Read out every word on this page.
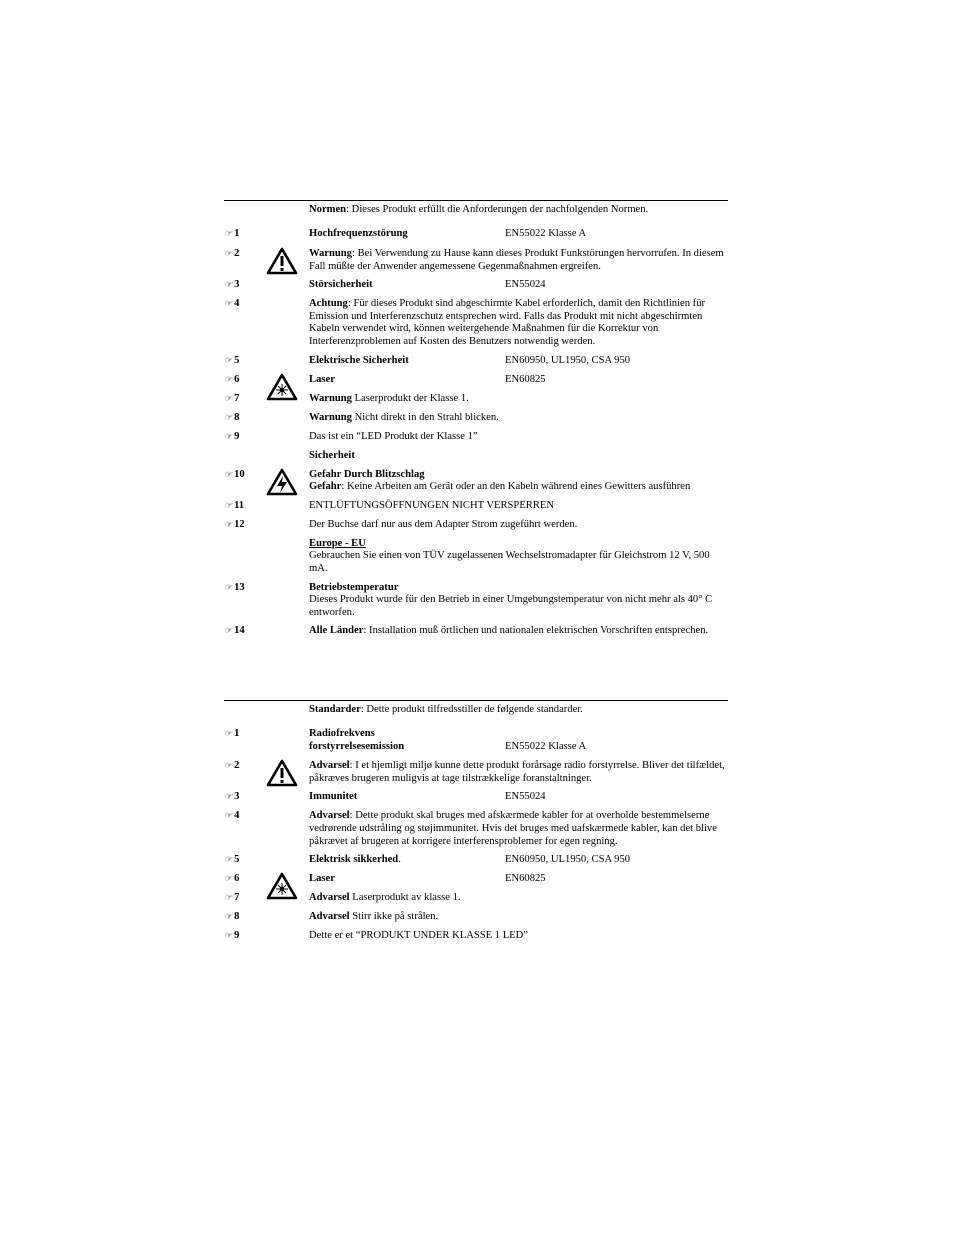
Normen: Dieses Produkt erfüllt die Anforderungen der nachfolgenden Normen.
☞ 1	Hochfrequenzstörung	EN55022 Klasse A
☞ 2	Warnung: Bei Verwendung zu Hause kann dieses Produkt Funkstörungen hervorrufen. In diesem Fall müßte der Anwender angemessene Gegenmaßnahmen ergreifen.
☞ 3	Störsicherheit	EN55024
☞ 4	Achtung: Für dieses Produkt sind abgeschirmte Kabel erforderlich, damit den Richtlinien für Emission und Interferenzschutz entsprechen wird. Falls das Produkt mit nicht abgeschirmten Kabeln verwendet wird, können weitergehende Maßnahmen für die Korrektur von Interferenzproblemen auf Kosten des Benutzers notwendig werden.
☞ 5	Elektrische Sicherheit	EN60950, UL1950, CSA 950
☞ 6	Laser	EN60825
☞ 7	Warnung Laserprodukt der Klasse 1.
☞ 8	Warnung Nicht direkt in den Strahl blicken.
☞ 9	Das ist ein “LED Produkt der Klasse 1”
Sicherheit
☞ 10	Gefahr Durch Blitzschlag
Gefahr: Keine Arbeiten am Gerät oder an den Kabeln während eines Gewitters ausführen
☞ 11	ENTLÜFTUNGSÖFFNUNGEN NICHT VERSPERREN
☞ 12	Der Buchse darf nur aus dem Adapter Strom zugeführt werden.
Europe - EU
Gebrauchen Sie einen von TÜV zugelassenen Wechselstromadapter für Gleichstrom 12 V, 500 mA.
☞ 13	Betriebstemperatur
Dieses Produkt wurde für den Betrieb in einer Umgebungstemperatur von nicht mehr als 40° C entworfen.
☞ 14	Alle Länder: Installation muß örtlichen und nationalen elektrischen Vorschriften entsprechen.
Standarder: Dette produkt tilfredsstiller de følgende standarder.
☞ 1	Radiofrekvens
forstyrrelsesemission	EN55022 Klasse A
☞ 2	Advarsel: I et hjemligt miljø kunne dette produkt forårsage radio forstyrrelse. Bliver det tilfældet, påkræves brugeren muligvis at tage tilstrækkelige foranstaltninger.
☞ 3	Immunitet	EN55024
☞ 4	Advarsel: Dette produkt skal bruges med afskærmede kabler for at overholde bestemmelserne vedrørende udstråling og støjimmunitet. Hvis det bruges med uafskærmede kabler, kan det blive påkrævet af brugeren at korrigere interferensproblemer for egen regning.
☞ 5	Elektrisk sikkerhed.	EN60950, UL1950, CSA 950
☞ 6	Laser	EN60825
☞ 7	Advarsel Laserprodukt av klasse 1.
☞ 8	Advarsel Stirr ikke på strålen.
☞ 9	Dette er et “PRODUKT UNDER KLASSE 1 LED”
